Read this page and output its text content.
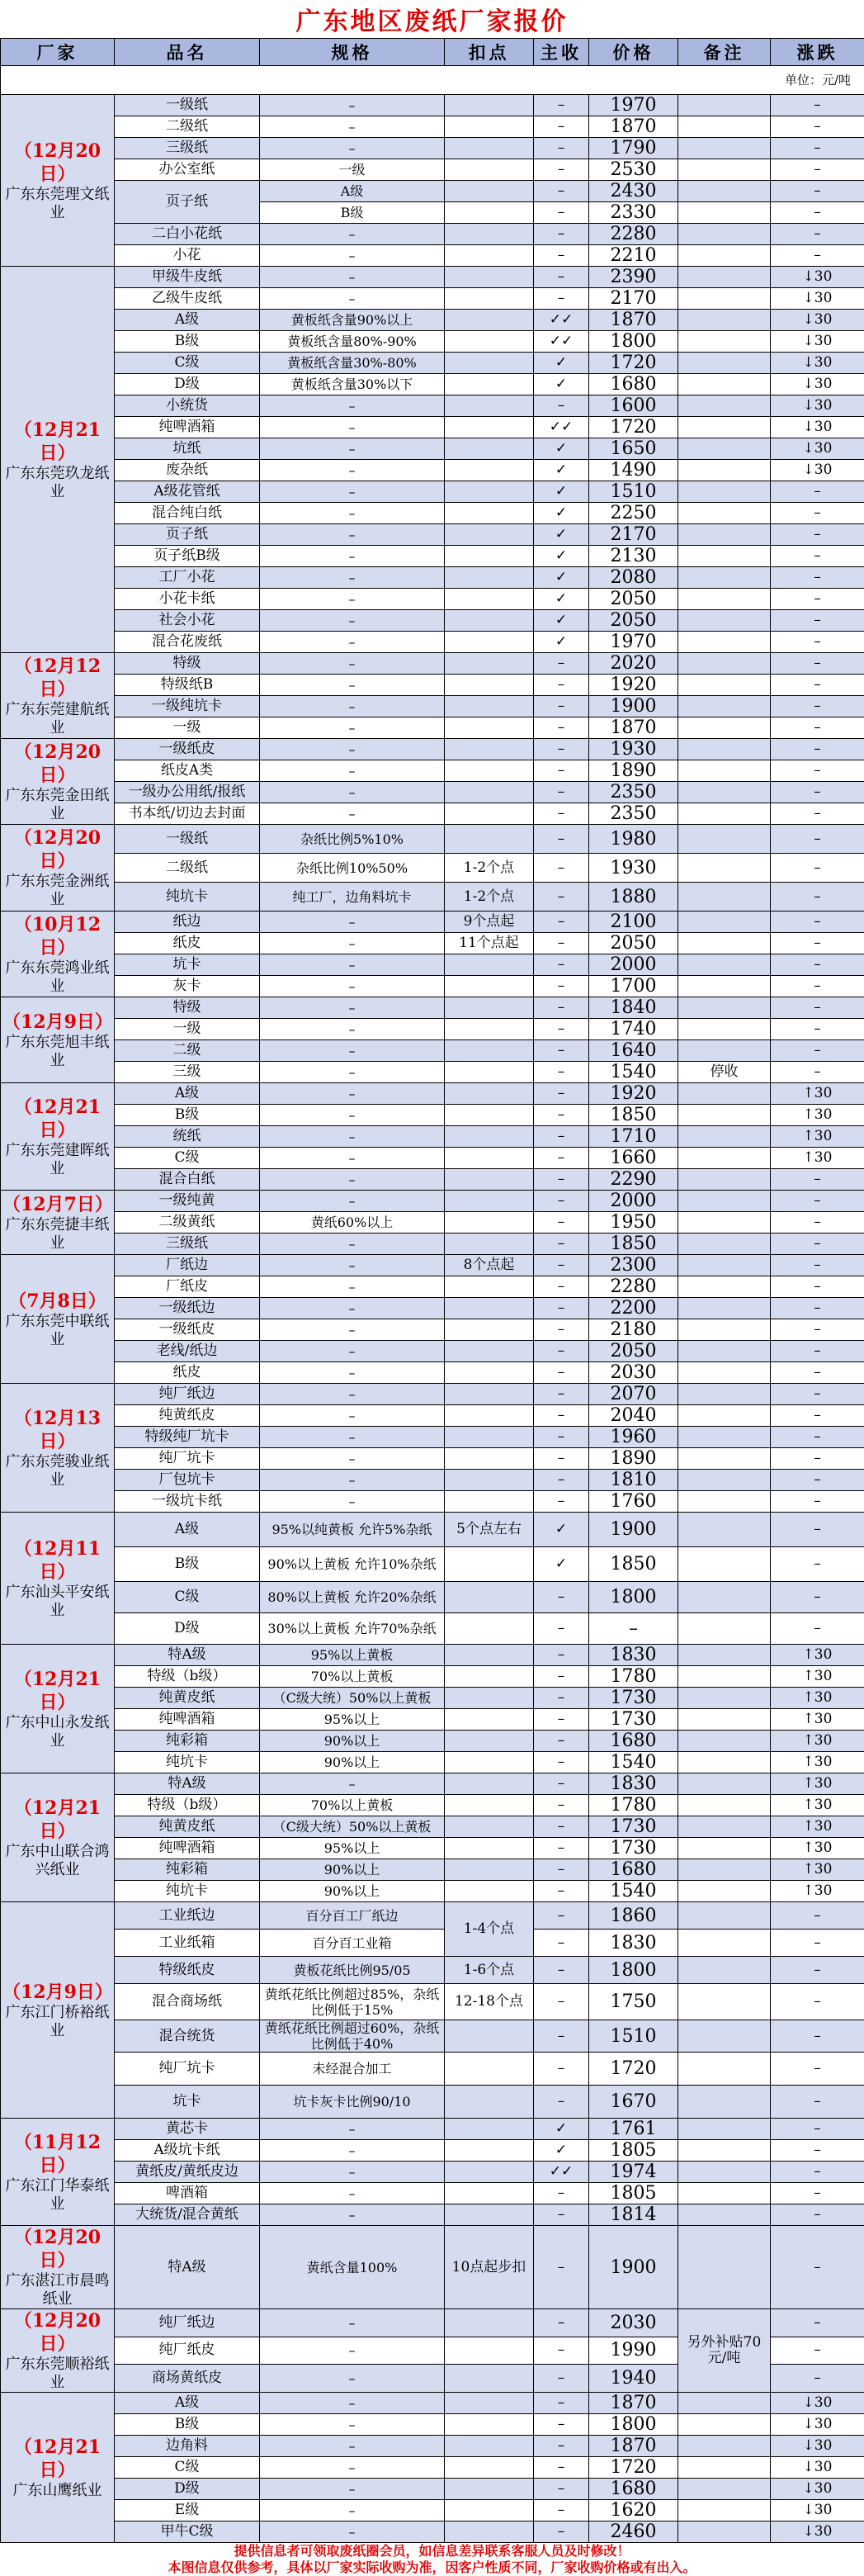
广东地区废纸厂家报价
厂家	品名	规格	扣点	主收	价格	备注	涨跌
单位：元/吨							

（12月20日）
广东东莞理文纸业	一级纸	–		–	1970		–
	二级纸	–		–	1870		–
	三级纸	–		–	1790		–
	办公室纸	一级		–	2530		–
	页子纸	A级		–	2430		–
		B级		–	2330		–
	二白小花纸	–		–	2280		–
	小花	–		–	2210		–

（12月21日）
广东东莞玖龙纸业	甲级牛皮纸	–		–	2390		↓30
	乙级牛皮纸	–		–	2170		↓30
	A级	黄板纸含量90%以上		✓✓	1870		↓30
	B级	黄板纸含量80%-90%		✓✓	1800		↓30
	C级	黄板纸含量30%-80%		✓	1720		↓30
	D级	黄板纸含量30%以下		✓	1680		↓30
	小统货	–		–	1600		↓30
	纯啤酒箱	–		✓✓	1720		↓30
	坑纸	–		✓	1650		↓30
	废杂纸	–		✓	1490		↓30
	A级花管纸	–		✓	1510		–
	混合纯白纸	–		✓	2250		–
	页子纸	–		✓	2170		–
	页子纸B级	–		✓	2130		–
	工厂小花	–		✓	2080		–
	小花卡纸	–		✓	2050		–
	社会小花	–		✓	2050		–
	混合花废纸	–		✓	1970		–

（12月12日）
广东东莞建航纸业	特级	–		–	2020		–
	特级纸B	–		–	1920		–
	一级纯坑卡	–		–	1900		–
	一级	–		–	1870		–

（12月20日）
广东东莞金田纸业	一级纸皮	–		–	1930		–
	纸皮A类	–		–	1890		–
	一级办公用纸/报纸	–		–	2350		–
	书本纸/切边去封面	–		–	2350		–

（12月20日）
广东东莞金洲纸业	一级纸	杂纸比例5%10%		–	1980		–
	二级纸	杂纸比例10%50%	1-2个点	–	1930		–
	纯坑卡	纯工厂，边角料坑卡	1-2个点	–	1880		–

（10月12日）
广东东莞鸿业纸业	纸边	–	9个点起	–	2100		–
	纸皮	–	11个点起	–	2050		–
	坑卡	–		–	2000		–
	灰卡	–		–	1700		–

（12月9日）
广东东莞旭丰纸业	特级	–		–	1840		–
	一级	–		–	1740		–
	二级	–		–	1640		–
	三级	–		–	1540	停收	–

（12月21日）
广东东莞建晖纸业	A级	–		–	1920		↑30
	B级	–		–	1850		↑30
	统纸	–		–	1710		↑30
	C级	–		–	1660		↑30
	混合白纸	–		–	2290		–

（12月7日）
广东东莞捷丰纸业	一级纯黄	–		–	2000		–
	二级黄纸	黄纸60%以上		–	1950		–
	三级纸	–		–	1850		–

（7月8日）
广东东莞中联纸业	厂纸边	–	8个点起	–	2300		–
	厂纸皮	–		–	2280		–
	一级纸边	–		–	2200		–
	一级纸皮	–		–	2180		–
	老线/纸边	–		–	2050		–
	纸皮	–		–	2030		–

（12月13日）
广东东莞骏业纸业	纯厂纸边	–		–	2070		–
	纯黄纸皮	–		–	2040		–
	特级纯厂坑卡	–		–	1960		–
	纯厂坑卡	–		–	1890		–
	厂包坑卡	–		–	1810		–
	一级坑卡纸	–		–	1760		–

（12月11日）
广东汕头平安纸业	A级	95%以纯黄板 允许5%杂纸	5个点左右	✓	1900		–
	B级	90%以上黄板 允许10%杂纸		✓	1850		–
	C级	80%以上黄板 允许20%杂纸		–	1800		–
	D级	30%以上黄板 允许70%杂纸		–	–		–

（12月21日）
广东中山永发纸业	特A级	95%以上黄板		–	1830		↑30
	特级（b级）	70%以上黄板		–	1780		↑30
	纯黄皮纸	（C级大统）50%以上黄板		–	1730		↑30
	纯啤酒箱	95%以上		–	1730		↑30
	纯彩箱	90%以上		–	1680		↑30
	纯坑卡	90%以上		–	1540		↑30

（12月21日）
广东中山联合鸿兴纸业	特A级	–		–	1830		↑30
	特级（b级）	70%以上黄板		–	1780		↑30
	纯黄皮纸	（C级大统）50%以上黄板		–	1730		↑30
	纯啤酒箱	95%以上		–	1730		↑30
	纯彩箱	90%以上		–	1680		↑30
	纯坑卡	90%以上		–	1540		↑30

（12月9日）
广东江门桥裕纸业	工业纸边	百分百工厂纸边	1-4个点	–	1860		–
	工业纸箱	百分百工业箱		–	1830		–
	特级纸皮	黄板花纸比例95/05	1-6个点	–	1800		–
	混合商场纸	黄纸花纸比例超过85%，杂纸比例低于15%	12-18个点	–	1750		–
	混合统货	黄纸花纸比例超过60%，杂纸比例低于40%		–	1510		–
	纯厂坑卡	未经混合加工		–	1720		–
	坑卡	坑卡灰卡比例90/10		–	1670		–

（11月12日）
广东江门华泰纸业	黄芯卡	–		✓	1761		–
	A级坑卡纸	–		✓	1805		–
	黄纸皮/黄纸皮边	–		✓✓	1974		–
	啤酒箱	–		–	1805		–
	大统货/混合黄纸	–		–	1814		–

（12月20日）
广东湛江市晨鸣纸业	特A级	黄纸含量100%	10点起步扣	–	1900		–

（12月20日）
广东东莞顺裕纸业	纯厂纸边	–		–	2030	另外补贴70元/吨	–
	纯厂纸皮	–		–	1990		–
	商场黄纸皮	–		–	1940		–

（12月21日）
广东山鹰纸业	A级	–		–	1870		↓30
	B级	–		–	1800		↓30
	边角料	–		–	1870		↓30
	C级	–		–	1720		↓30
	D级	–		–	1680		↓30
	E级	–		–	1620		↓30
	甲牛C级	–		–	2460		↓30
提供信息者可领取废纸圈会员，如信息差异联系客服人员及时修改！
本图信息仅供参考，具体以厂家实际收购为准，因客户性质不同，厂家收购价格或有出入。
